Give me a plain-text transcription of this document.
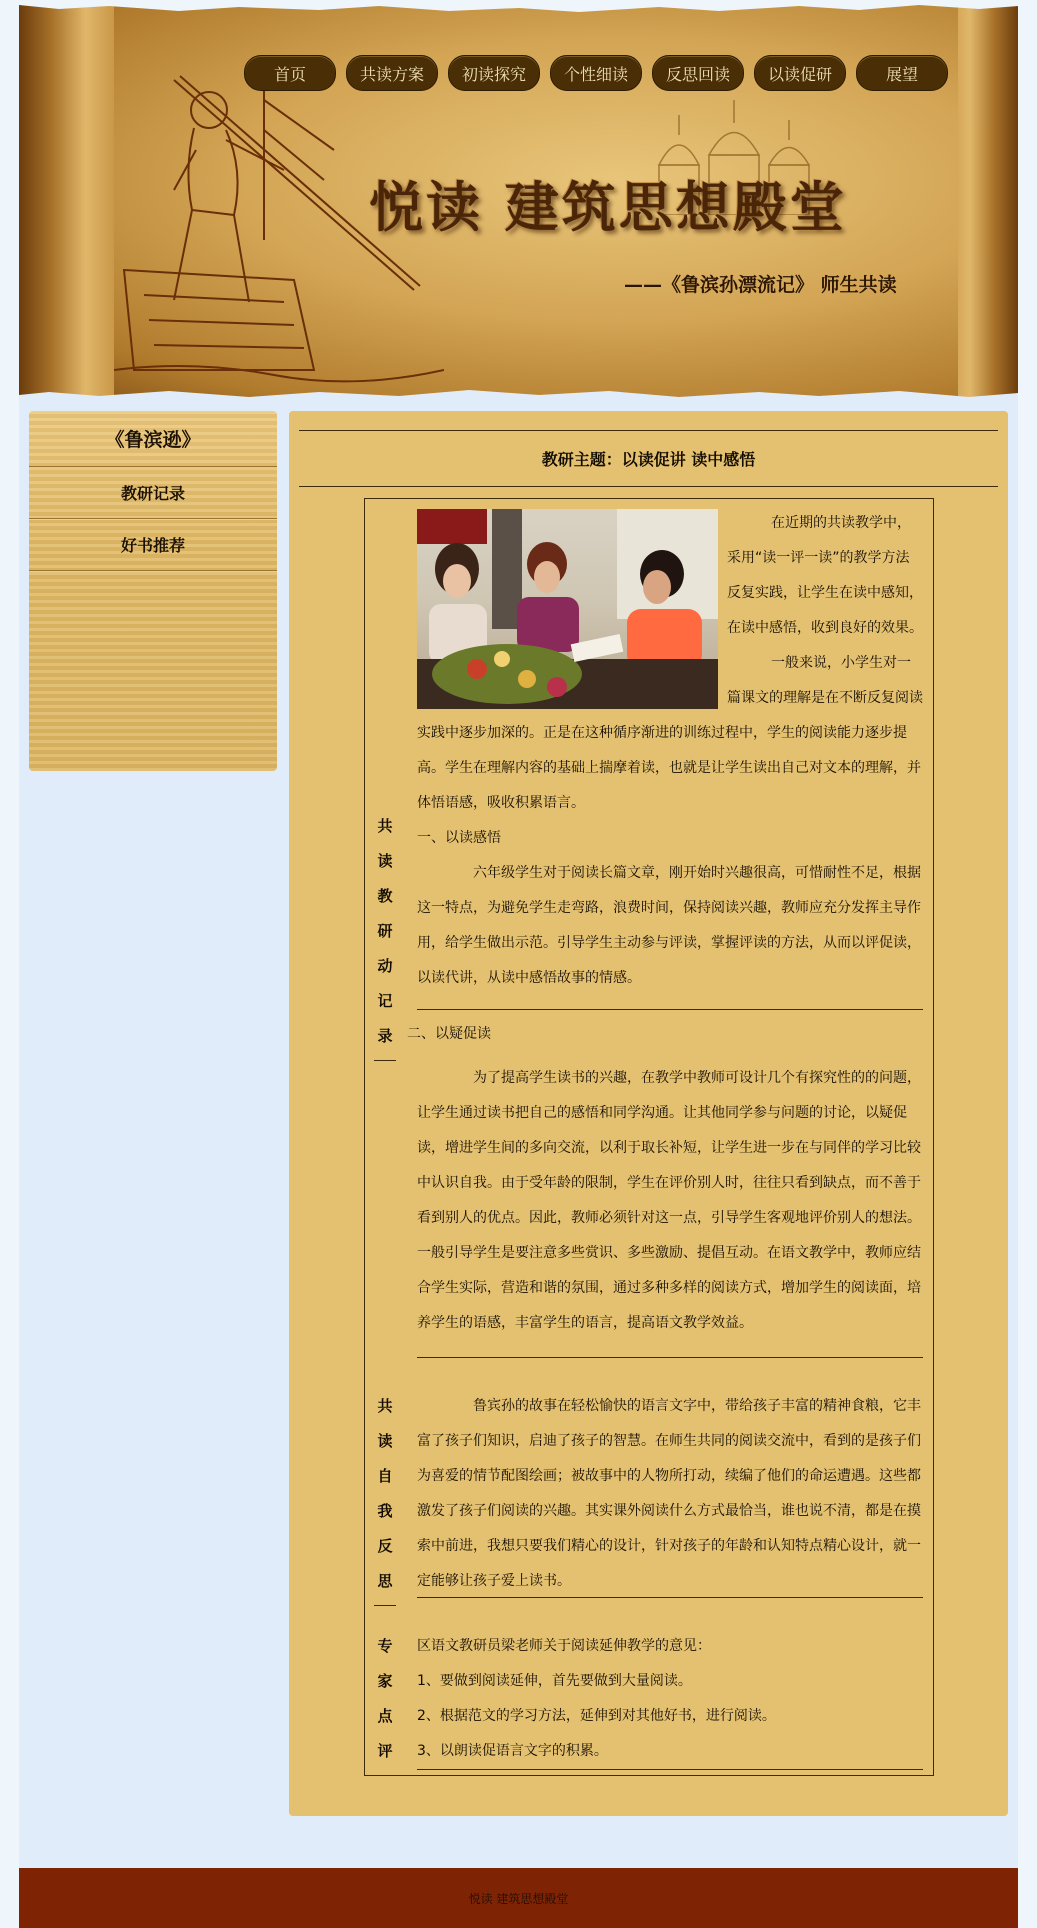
首页	共读方案	初读探究	个性细读	反思回读	以读促研	展望
悦读 建筑思想殿堂
——《鲁滨孙漂流记》 师生共读
《鲁滨逊》
教研记录
好书推荐
教研主题：以读促讲 读中感悟
共
读
教
研
动
记
录

在近期的共读教学中，

采用“读一评一读”的教学方法

反复实践，让学生在读中感知，

在读中感悟，收到良好的效果。

一般来说，小学生对一

篇课文的理解是在不断反复阅读

实践中逐步加深的。正是在这种循序渐进的训练过程中，学生的阅读能力逐步提

高。学生在理解内容的基础上揣摩着读，也就是让学生读出自己对文本的理解，并

体悟语感，吸收积累语言。

一、以读感悟

六年级学生对于阅读长篇文章，刚开始时兴趣很高，可惜耐性不足，根据

这一特点，为避免学生走弯路，浪费时间，保持阅读兴趣，教师应充分发挥主导作

用，给学生做出示范。引导学生主动参与评读，掌握评读的方法，从而以评促读，

以读代讲，从读中感悟故事的情感。

二、以疑促读

为了提高学生读书的兴趣，在教学中教师可设计几个有探究性的的问题，

让学生通过读书把自己的感悟和同学沟通。让其他同学参与问题的讨论，以疑促

读，增进学生间的多向交流，以利于取长补短，让学生进一步在与同伴的学习比较

中认识自我。由于受年龄的限制，学生在评价别人时，往往只看到缺点，而不善于

看到别人的优点。因此，教师必须针对这一点，引导学生客观地评价别人的想法。

一般引导学生是要注意多些赏识、多些激励、提倡互动。在语文教学中，教师应结

合学生实际，营造和谐的氛围，通过多种多样的阅读方式，增加学生的阅读面，培

养学生的语感，丰富学生的语言，提高语文教学效益。

共
读
自
我
反
思

鲁宾孙的故事在轻松愉快的语言文字中，带给孩子丰富的精神食粮，它丰

富了孩子们知识，启迪了孩子的智慧。在师生共同的阅读交流中，看到的是孩子们

为喜爱的情节配图绘画；被故事中的人物所打动，续编了他们的命运遭遇。这些都

激发了孩子们阅读的兴趣。其实课外阅读什么方式最恰当，谁也说不清，都是在摸

索中前进，我想只要我们精心的设计，针对孩子的年龄和认知特点精心设计，就一

定能够让孩子爱上读书。

专
家
点
评

区语文教研员梁老师关于阅读延伸教学的意见：

1、要做到阅读延伸，首先要做到大量阅读。

2、根据范文的学习方法，延伸到对其他好书，进行阅读。

3、以朗读促语言文字的积累。

悦读 建筑思想殿堂
